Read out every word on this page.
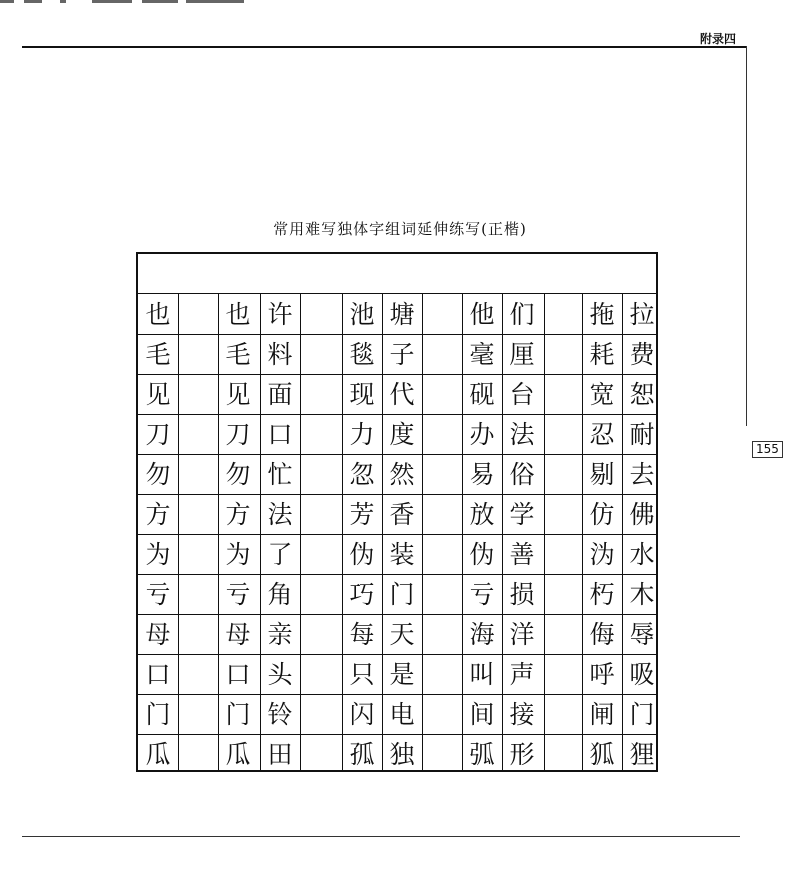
附录四
155
常用难写独体字组词延伸练写(正楷)
也	也 许	池 塘	他 们	拖 拉
毛	毛 料	毯 子	毫 厘	耗 费
见	见 面	现 代	砚 台	宽 恕
刀	刀 口	力 度	办 法	忍 耐
勿	勿 忙	忽 然	易 俗	剔 去
方	方 法	芳 香	放 学	仿 佛
为	为 了	伪 装	伪 善	沩 水
亏	亏 角	巧 门	亏 损	朽 木
母	母 亲	每 天	海 洋	侮 辱
口	口 头	只 是	叫 声	呼 吸
门	门 铃	闪 电	间 接	闸 门
瓜	瓜 田	孤 独	弧 形	狐 狸
